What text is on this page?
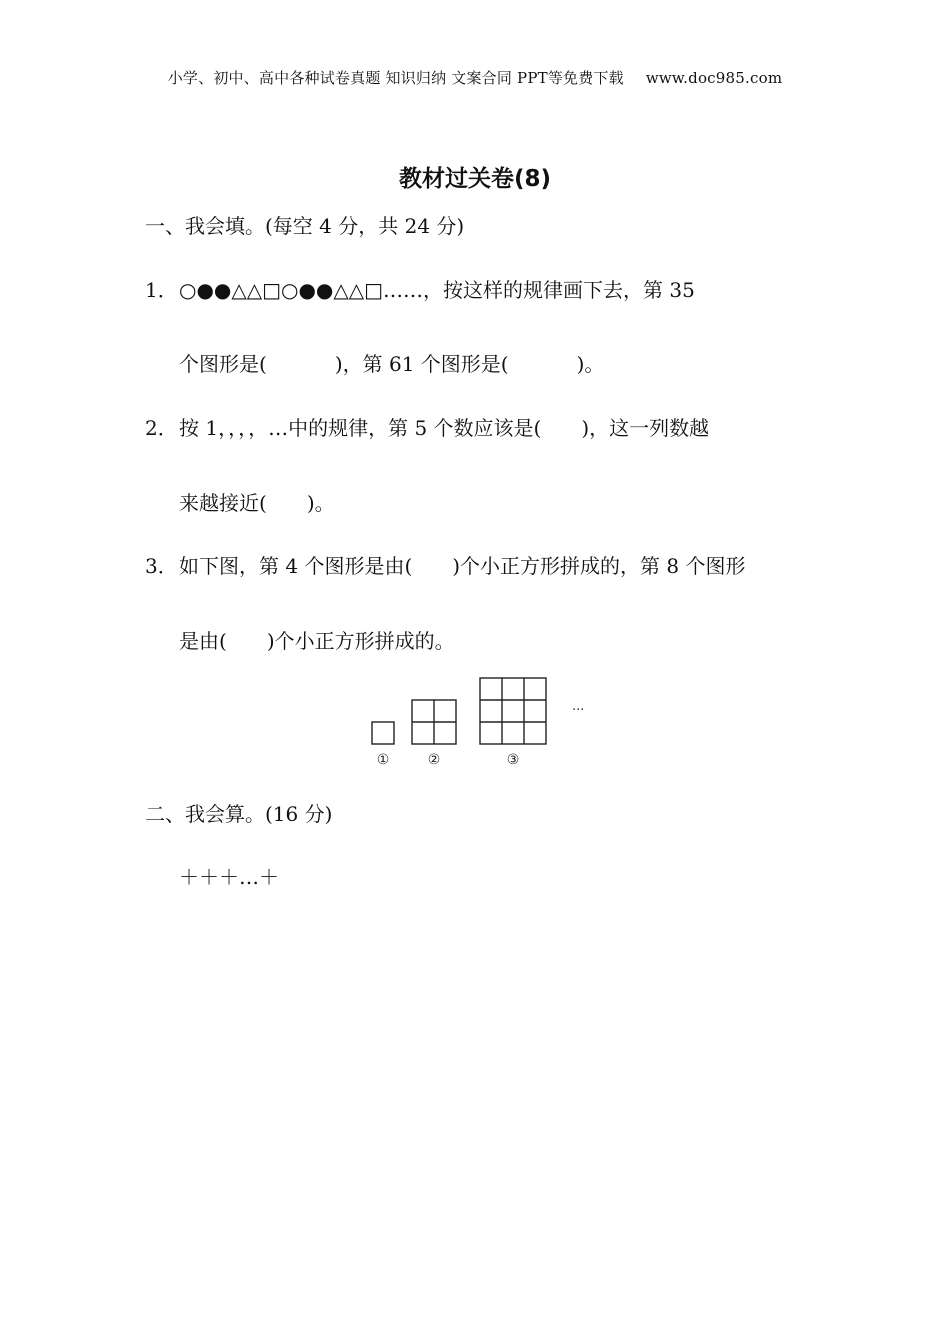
小学、初中、高中各种试卷真题 知识归纳 文案合同 PPT等免费下载 www.doc985.com
教材过关卷(8)
一、我会填。(每空 4 分，共 24 分)
1．○●●△△□○●●△△□……，按这样的规律画下去，第 35
个图形是(	)，第 61 个图形是(	)。
2．按 1，，，，…中的规律，第 5 个数应该是( )，这一列数越
来越接近( )。
3．如下图，第 4 个图形是由( )个小正方形拼成的，第 8 个图形
是由( )个小正方形拼成的。
···
①	②	③
二、我会算。(16 分)
＋＋＋…＋
